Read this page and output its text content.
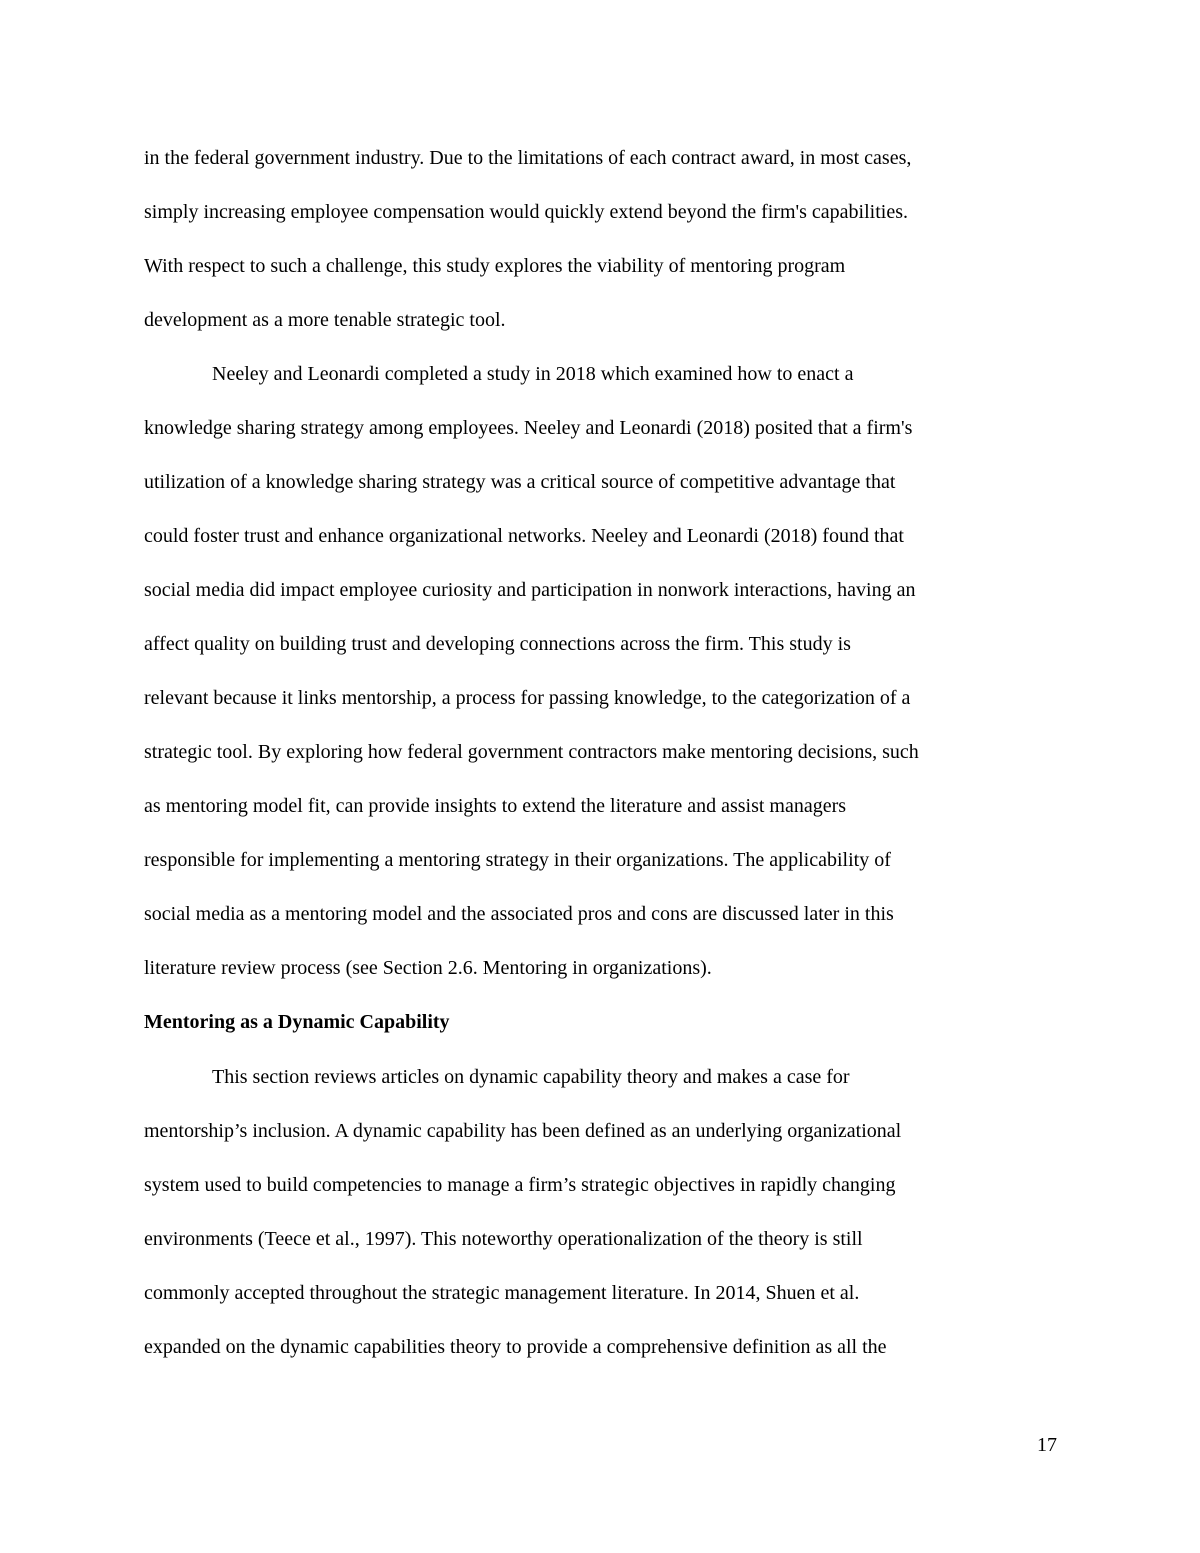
in the federal government industry. Due to the limitations of each contract award, in most cases,
simply increasing employee compensation would quickly extend beyond the firm's capabilities.
With respect to such a challenge, this study explores the viability of mentoring program
development as a more tenable strategic tool.
Neeley and Leonardi completed a study in 2018 which examined how to enact a
knowledge sharing strategy among employees. Neeley and Leonardi (2018) posited that a firm's
utilization of a knowledge sharing strategy was a critical source of competitive advantage that
could foster trust and enhance organizational networks. Neeley and Leonardi (2018) found that
social media did impact employee curiosity and participation in nonwork interactions, having an
affect quality on building trust and developing connections across the firm. This study is
relevant because it links mentorship, a process for passing knowledge, to the categorization of a
strategic tool. By exploring how federal government contractors make mentoring decisions, such
as mentoring model fit, can provide insights to extend the literature and assist managers
responsible for implementing a mentoring strategy in their organizations. The applicability of
social media as a mentoring model and the associated pros and cons are discussed later in this
literature review process (see Section 2.6. Mentoring in organizations).
Mentoring as a Dynamic Capability
This section reviews articles on dynamic capability theory and makes a case for
mentorship’s inclusion. A dynamic capability has been defined as an underlying organizational
system used to build competencies to manage a firm’s strategic objectives in rapidly changing
environments (Teece et al., 1997). This noteworthy operationalization of the theory is still
commonly accepted throughout the strategic management literature. In 2014, Shuen et al.
expanded on the dynamic capabilities theory to provide a comprehensive definition as all the
17
